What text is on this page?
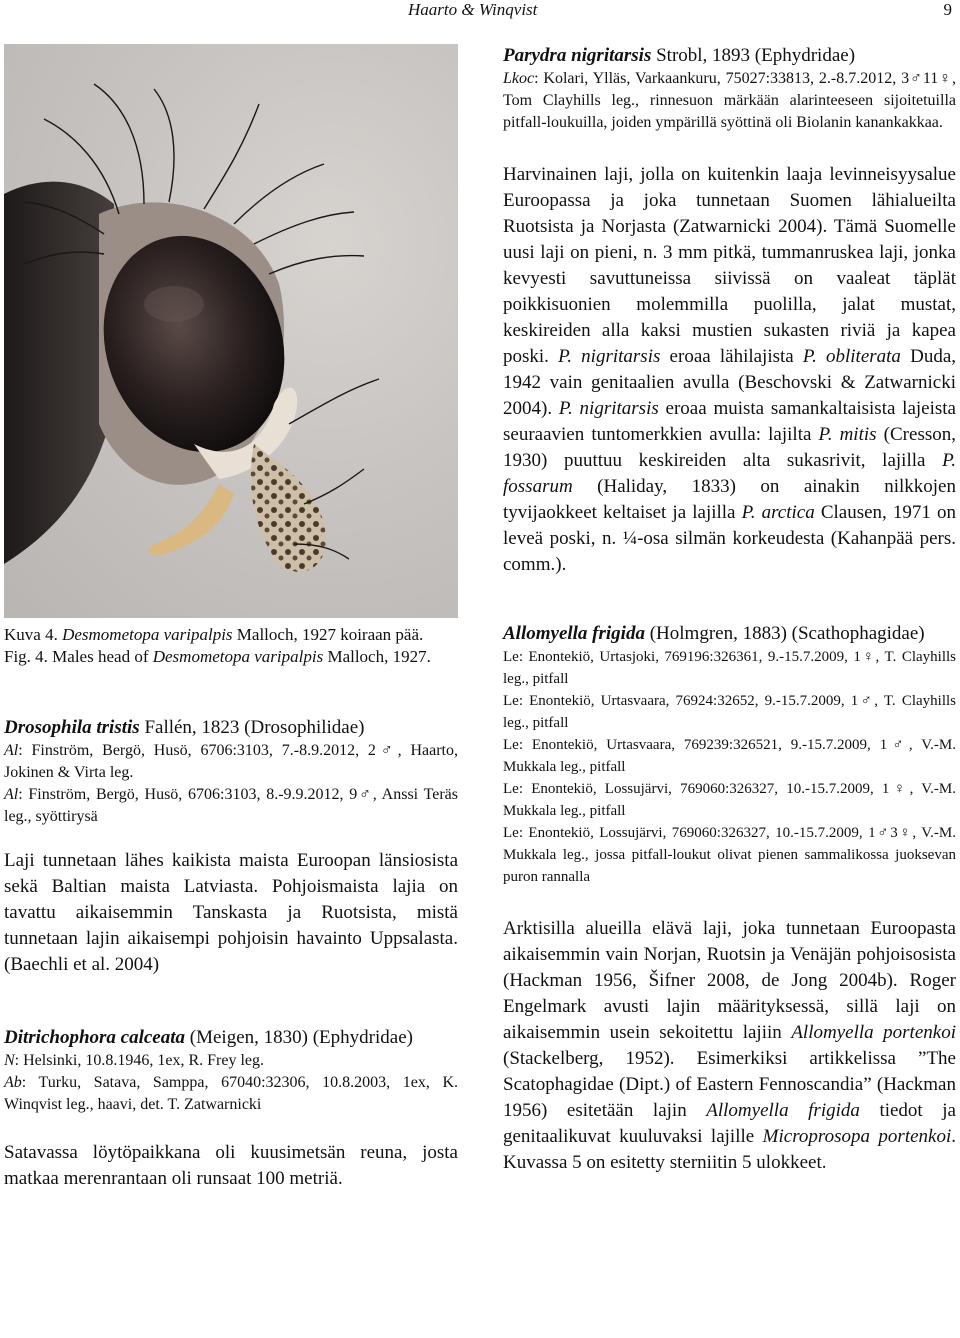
Haarto & Winqvist	9

Kuva 4. Desmometopa varipalpis Malloch, 1927 koiraan pää.

Fig. 4. Males head of Desmometopa varipalpis Malloch, 1927.

Drosophila tristis Fallén, 1823 (Drosophilidae)

Al: Finström, Bergö, Husö, 6706:3103, 7.-8.9.2012, 2♂, Haarto, Jokinen & Virta leg.

Al: Finström, Bergö, Husö, 6706:3103, 8.-9.9.2012, 9♂, Anssi Teräs leg., syöttirysä

Laji tunnetaan lähes kaikista maista Euroopan länsiosista sekä Baltian maista Latviasta. Pohjoismaista lajia on tavattu aikaisemmin Tanskasta ja Ruotsista, mistä tunnetaan lajin aikaisempi pohjoisin havainto Uppsalasta. (Baechli et al. 2004)

Ditrichophora calceata (Meigen, 1830) (Ephydridae)

N: Helsinki, 10.8.1946, 1ex, R. Frey leg.

Ab: Turku, Satava, Samppa, 67040:32306, 10.8.2003, 1ex, K. Winqvist leg., haavi, det. T. Zatwarnicki

Satavassa löytöpaikkana oli kuusimetsän reuna, josta matkaa merenrantaan oli runsaat 100 metriä.

Parydra nigritarsis Strobl, 1893 (Ephydridae)

Lkoc: Kolari, Ylläs, Varkaankuru, 75027:33813, 2.-8.7.2012, 3♂11♀, Tom Clayhills leg., rinnesuon märkään alarinteeseen sijoitetuilla pitfall-loukuilla, joiden ympärillä syöttinä oli Biolanin kanankakkaa.

Harvinainen laji, jolla on kuitenkin laaja levinneisyysalue Euroopassa ja joka tunnetaan Suomen lähialueilta Ruotsista ja Norjasta (Zatwarnicki 2004). Tämä Suomelle uusi laji on pieni, n. 3 mm pitkä, tummanruskea laji, jonka kevyesti savuttuneissa siivissä on vaaleat täplät poikkisuonien molemmilla puolilla, jalat mustat, keskireiden alla kaksi mustien sukasten riviä ja kapea poski. P. nigritarsis eroaa lähilajista P. obliterata Duda, 1942 vain genitaalien avulla (Beschovski & Zatwarnicki 2004). P. nigritarsis eroaa muista samankaltaisista lajeista seuraavien tuntomerkkien avulla: lajilta P. mitis (Cresson, 1930) puuttuu keskireiden alta sukasrivit, lajilla P. fossarum (Haliday, 1833) on ainakin nilkkojen tyvijaokkeet keltaiset ja lajilla P. arctica Clausen, 1971 on leveä poski, n. ¼-osa silmän korkeudesta (Kahanpää pers. comm.).

Allomyella frigida (Holmgren, 1883) (Scathophagidae)

Le: Enontekiö, Urtasjoki, 769196:326361, 9.-15.7.2009, 1♀, T. Clayhills leg., pitfall

Le: Enontekiö, Urtasvaara, 76924:32652, 9.-15.7.2009, 1♂, T. Clayhills leg., pitfall

Le: Enontekiö, Urtasvaara, 769239:326521, 9.-15.7.2009, 1♂, V.-M. Mukkala leg., pitfall

Le: Enontekiö, Lossujärvi, 769060:326327, 10.-15.7.2009, 1♀, V.-M. Mukkala leg., pitfall

Le: Enontekiö, Lossujärvi, 769060:326327, 10.-15.7.2009, 1♂3♀, V.-M. Mukkala leg., jossa pitfall-loukut olivat pienen sammalikossa juoksevan puron rannalla

Arktisilla alueilla elävä laji, joka tunnetaan Euroopasta aikaisemmin vain Norjan, Ruotsin ja Venäjän pohjoisosista (Hackman 1956, Šifner 2008, de Jong 2004b). Roger Engelmark avusti lajin määrityksessä, sillä laji on aikaisemmin usein sekoitettu lajiin Allomyella portenkoi (Stackelberg, 1952). Esimerkiksi artikkelissa ”The Scatophagidae (Dipt.) of Eastern Fennoscandia” (Hackman 1956) esitetään lajin Allomyella frigida tiedot ja genitaalikuvat kuuluvaksi lajille Microprosopa portenkoi. Kuvassa 5 on esitetty sterniitin 5 ulokkeet.
